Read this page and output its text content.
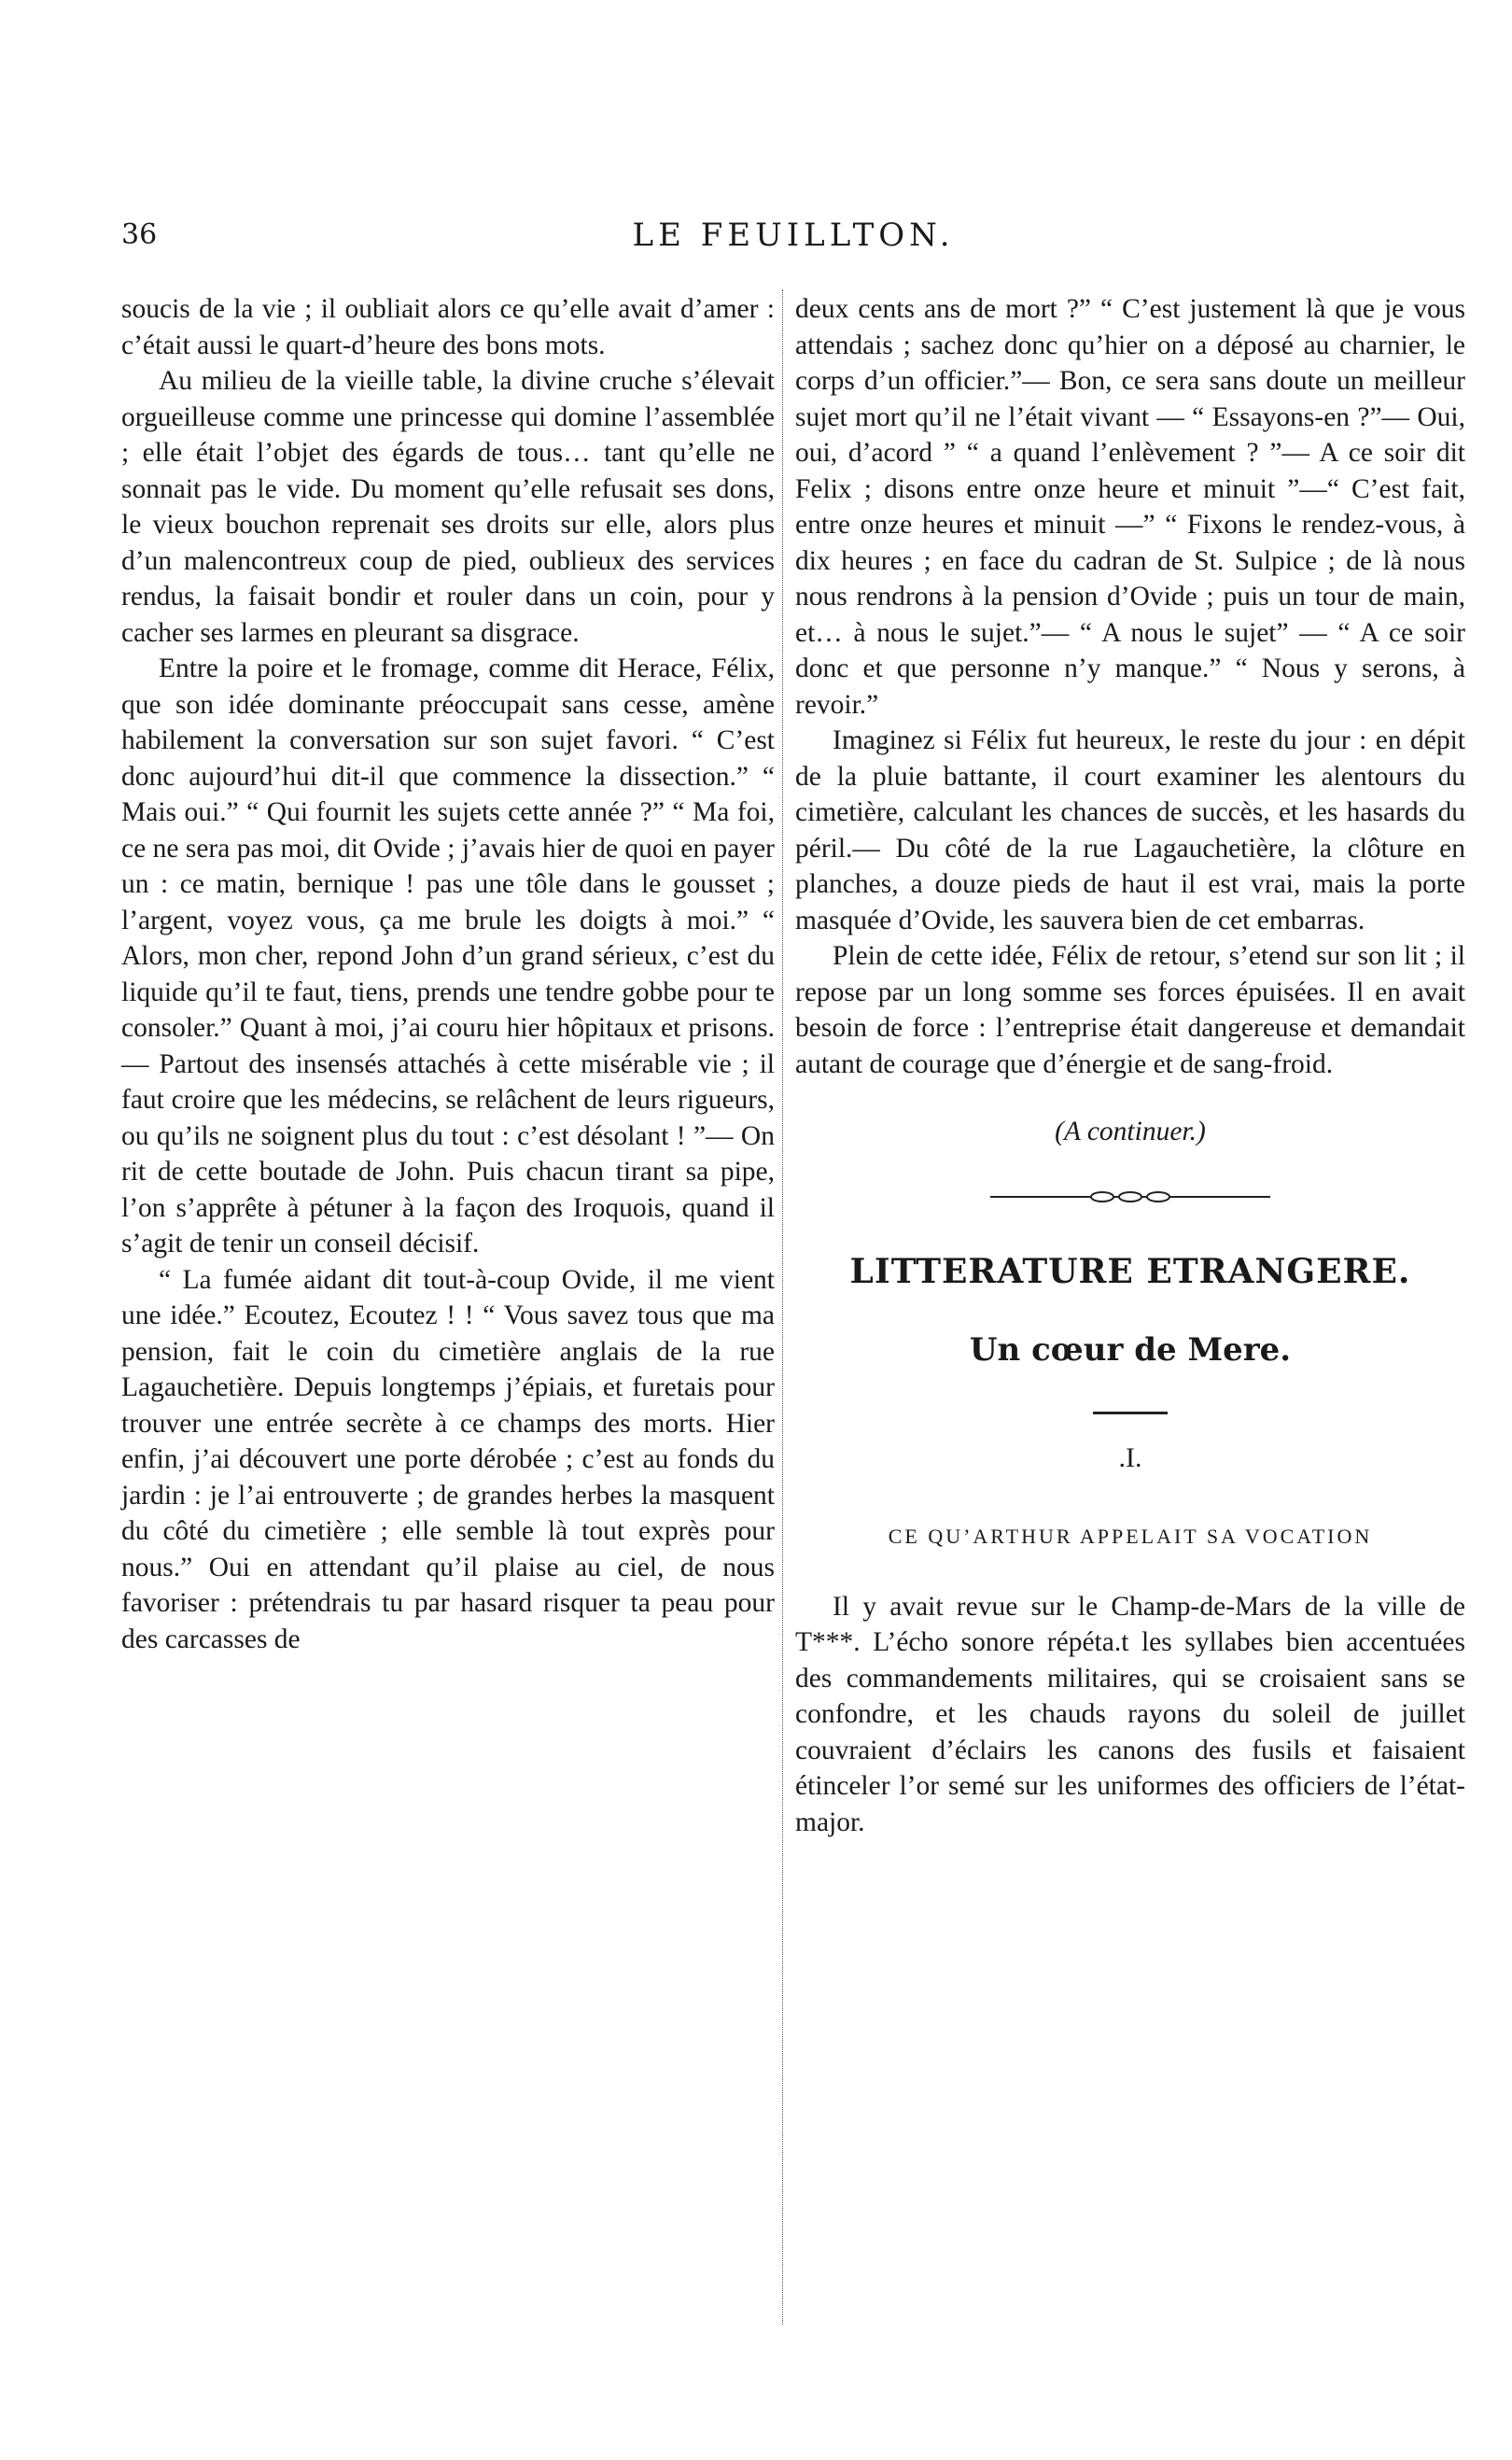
36	LE FEUILLTON.

soucis de la vie ; il oubliait alors ce qu’elle avait d’amer : c’était aussi le quart-d’heure des bons mots.

Au milieu de la vieille table, la divine cruche s’élevait orgueilleuse comme une princesse qui domine l’assemblée ; elle était l’objet des égards de tous… tant qu’elle ne sonnait pas le vide. Du moment qu’elle refusait ses dons, le vieux bouchon reprenait ses droits sur elle, alors plus d’un malencontreux coup de pied, oublieux des services rendus, la faisait bondir et rouler dans un coin, pour y cacher ses larmes en pleurant sa disgrace.

Entre la poire et le fromage, comme dit Herace, Félix, que son idée dominante préoccupait sans cesse, amène habilement la conversation sur son sujet favori. “ C’est donc aujourd’hui dit-il que commence la dissection.” “ Mais oui.” “ Qui fournit les sujets cette année ?” “ Ma foi, ce ne sera pas moi, dit Ovide ; j’avais hier de quoi en payer un : ce matin, bernique ! pas une tôle dans le gousset ; l’argent, voyez vous, ça me brule les doigts à moi.” “ Alors, mon cher, repond John d’un grand sérieux, c’est du liquide qu’il te faut, tiens, prends une tendre gobbe pour te consoler.” Quant à moi, j’ai couru hier hôpitaux et prisons.— Partout des insensés attachés à cette misérable vie ; il faut croire que les médecins, se relâchent de leurs rigueurs, ou qu’ils ne soignent plus du tout : c’est désolant ! ”— On rit de cette boutade de John. Puis chacun tirant sa pipe, l’on s’apprête à pétuner à la façon des Iroquois, quand il s’agit de tenir un conseil décisif.

“ La fumée aidant dit tout-à-coup Ovide, il me vient une idée.” Ecoutez, Ecoutez ! ! “ Vous savez tous que ma pension, fait le coin du cimetière anglais de la rue Lagauchetière. Depuis longtemps j’épiais, et furetais pour trouver une entrée secrète à ce champs des morts. Hier enfin, j’ai découvert une porte dérobée ; c’est au fonds du jardin : je l’ai entrouverte ; de grandes herbes la masquent du côté du cimetière ; elle semble là tout exprès pour nous.” Oui en attendant qu’il plaise au ciel, de nous favoriser : prétendrais tu par hasard risquer ta peau pour des carcasses de

deux cents ans de mort ?” “ C’est justement là que je vous attendais ; sachez donc qu’hier on a déposé au charnier, le corps d’un officier.”— Bon, ce sera sans doute un meilleur sujet mort qu’il ne l’était vivant — “ Essayons-en ?”— Oui, oui, d’acord ” “ a quand l’enlèvement ? ”— A ce soir dit Felix ; disons entre onze heure et minuit ”—“ C’est fait, entre onze heures et minuit —” “ Fixons le rendez-vous, à dix heures ; en face du cadran de St. Sulpice ; de là nous nous rendrons à la pension d’Ovide ; puis un tour de main, et… à nous le sujet.”— “ A nous le sujet” — “ A ce soir donc et que personne n’y manque.” “ Nous y serons, à revoir.”

Imaginez si Félix fut heureux, le reste du jour : en dépit de la pluie battante, il court examiner les alentours du cimetière, calculant les chances de succès, et les hasards du péril.— Du côté de la rue Lagauchetière, la clôture en planches, a douze pieds de haut il est vrai, mais la porte masquée d’Ovide, les sauvera bien de cet embarras.

Plein de cette idée, Félix de retour, s’etend sur son lit ; il repose par un long somme ses forces épuisées. Il en avait besoin de force : l’entreprise était dangereuse et demandait autant de courage que d’énergie et de sang-froid.

(A continuer.)
LITTERATURE ETRANGERE.
Un cœur de Mere.
.I.
CE QU’ARTHUR APPELAIT SA VOCATION

Il y avait revue sur le Champ-de-Mars de la ville de T***. L’écho sonore répéta.t les syllabes bien accentuées des commandements militaires, qui se croisaient sans se confondre, et les chauds rayons du soleil de juillet couvraient d’éclairs les canons des fusils et faisaient étinceler l’or semé sur les uniformes des officiers de l’état-major.
